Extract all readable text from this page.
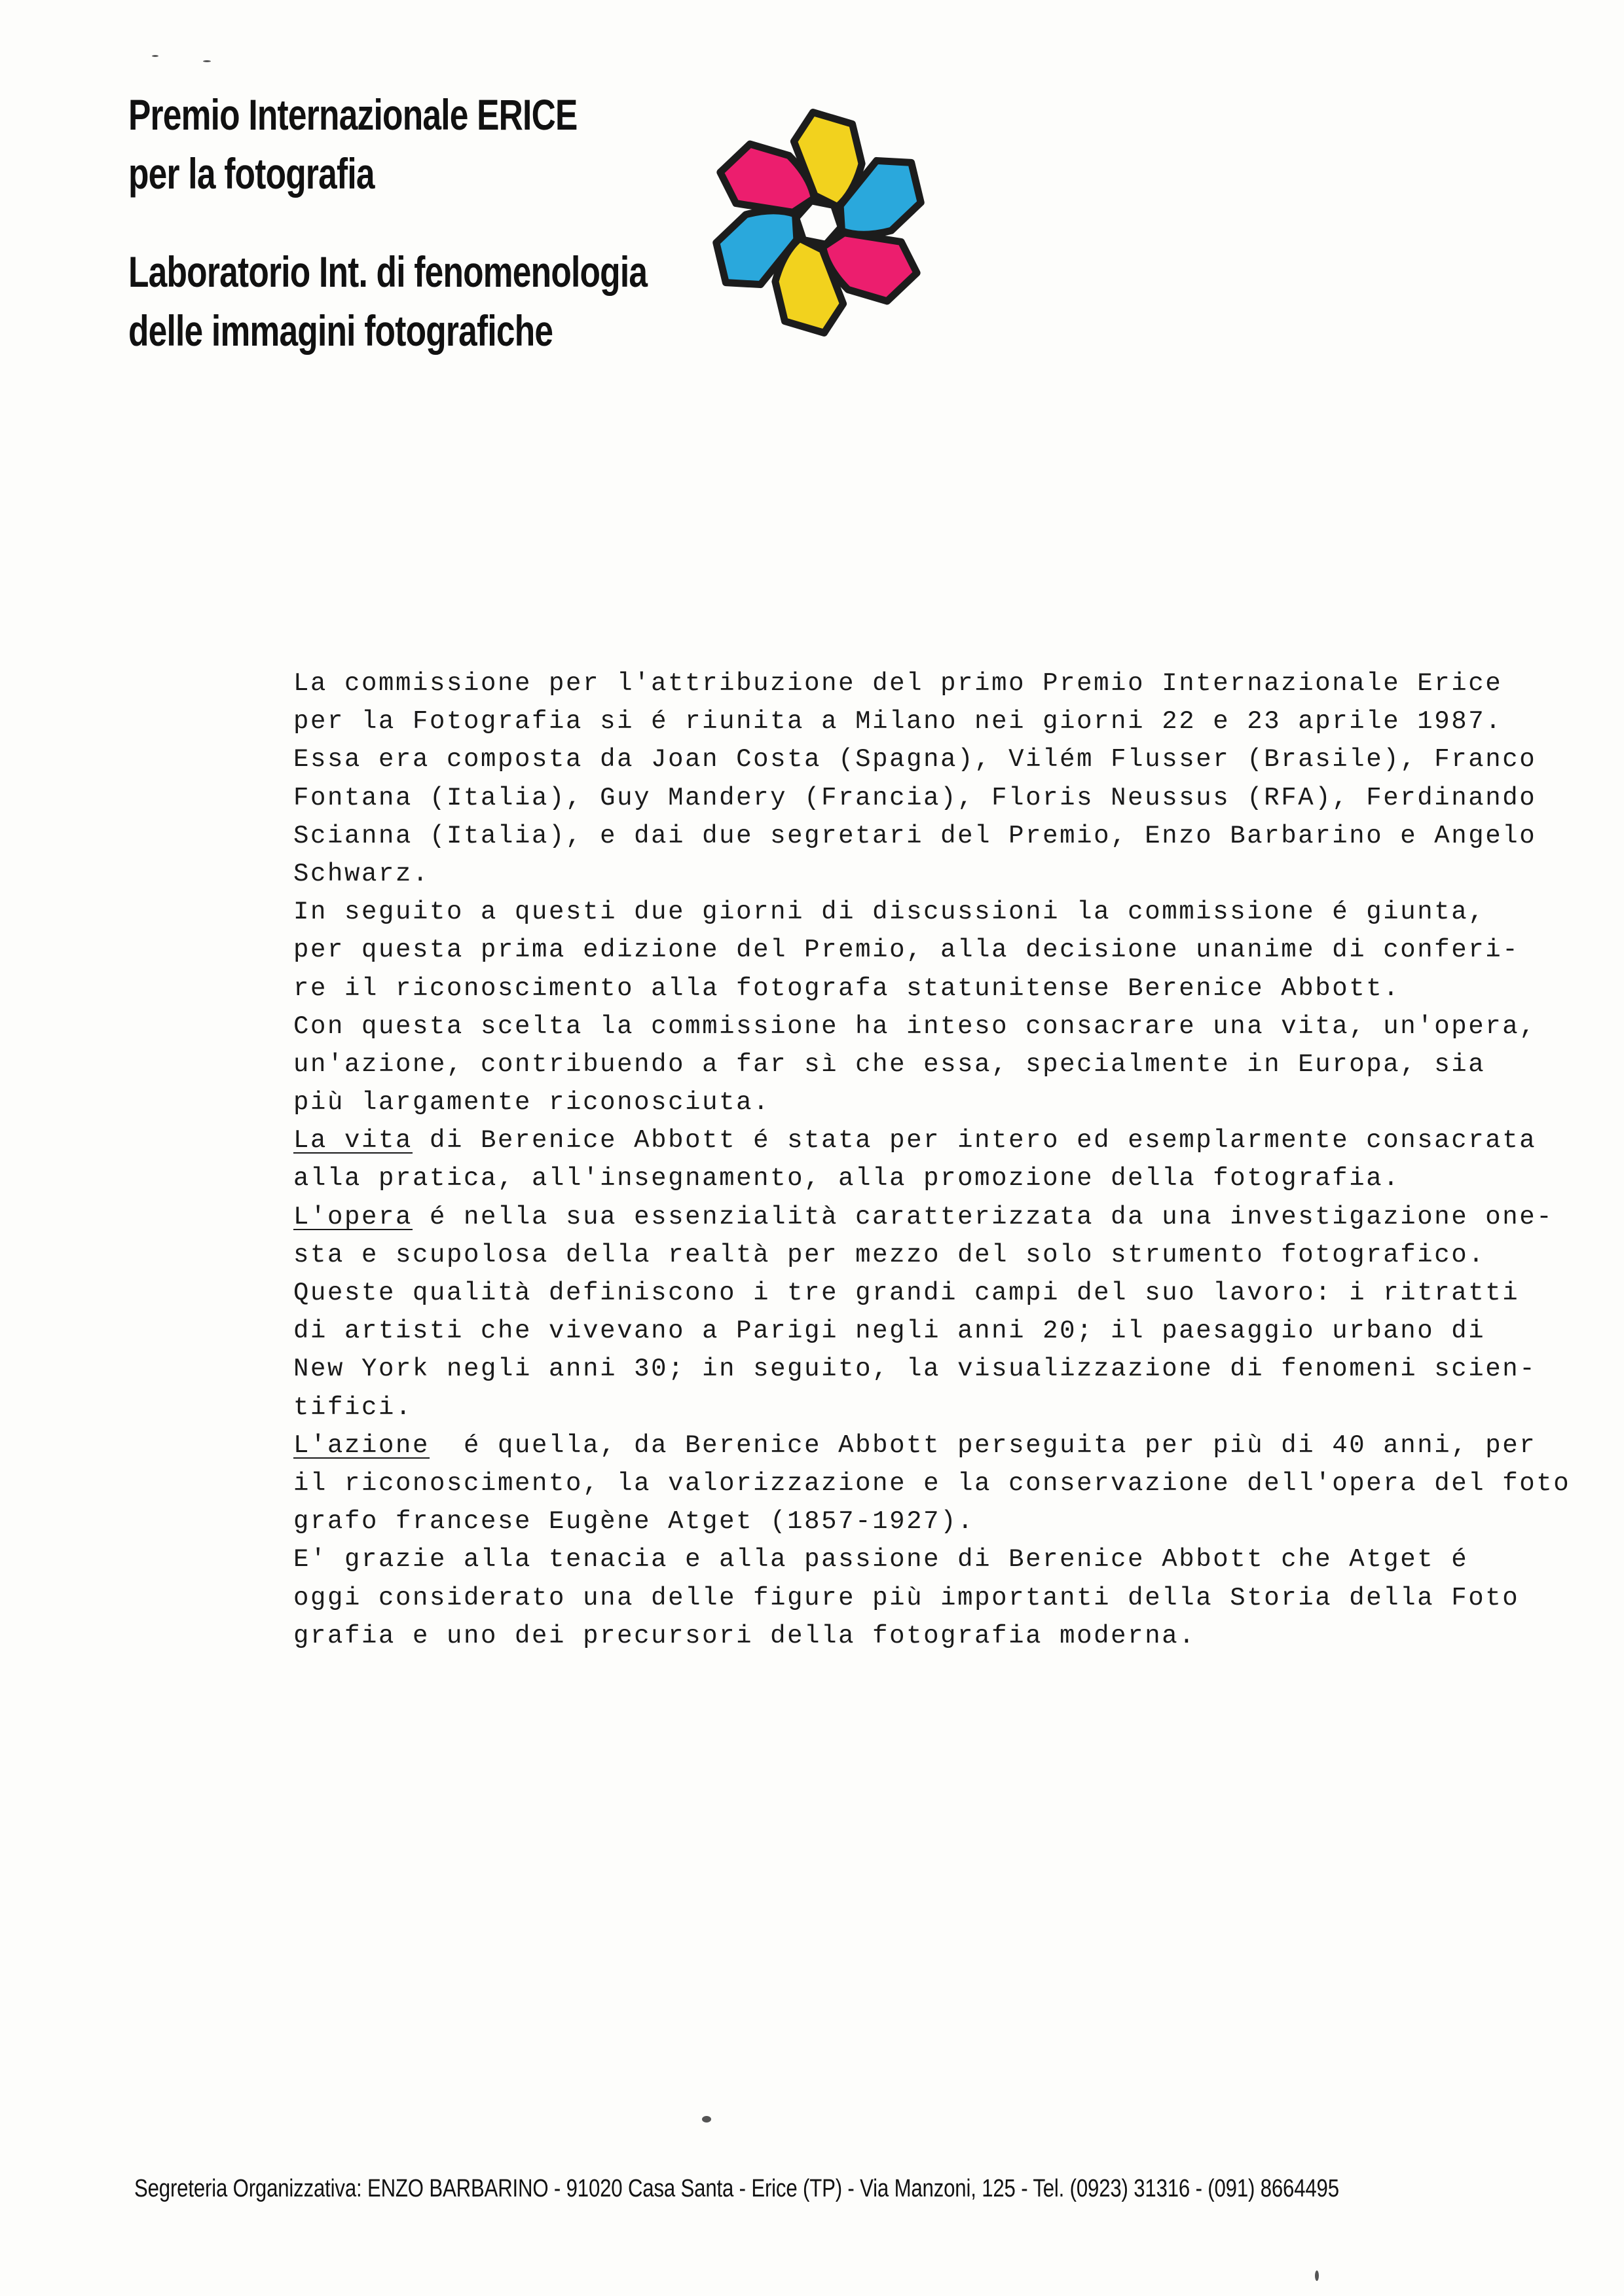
Premio Internazionale ERICE
per la fotografia
Laboratorio Int. di fenomenologia
delle immagini fotografiche
La commissione per l'attribuzione del primo Premio Internazionale Erice
per la Fotografia si é riunita a Milano nei giorni 22 e 23 aprile 1987.
Essa era composta da Joan Costa (Spagna), Vilém Flusser (Brasile), Franco
Fontana (Italia), Guy Mandery (Francia), Floris Neussus (RFA), Ferdinando
Scianna (Italia), e dai due segretari del Premio, Enzo Barbarino e Angelo
Schwarz.
In seguito a questi due giorni di discussioni la commissione é giunta,
per questa prima edizione del Premio, alla decisione unanime di conferi-
re il riconoscimento alla fotografa statunitense Berenice Abbott.
Con questa scelta la commissione ha inteso consacrare una vita, un'opera,
un'azione, contribuendo a far sì che essa, specialmente in Europa, sia
più largamente riconosciuta.
La vita di Berenice Abbott é stata per intero ed esemplarmente consacrata
alla pratica, all'insegnamento, alla promozione della fotografia.
L'opera é nella sua essenzialità caratterizzata da una investigazione one-
sta e scupolosa della realtà per mezzo del solo strumento fotografico.
Queste qualità definiscono i tre grandi campi del suo lavoro: i ritratti
di artisti che vivevano a Parigi negli anni 20; il paesaggio urbano di
New York negli anni 30; in seguito, la visualizzazione di fenomeni scien-
tifici.
L'azione  é quella, da Berenice Abbott perseguita per più di 40 anni, per
il riconoscimento, la valorizzazione e la conservazione dell'opera del foto
grafo francese Eugène Atget (1857-1927).
E' grazie alla tenacia e alla passione di Berenice Abbott che Atget é
oggi considerato una delle figure più importanti della Storia della Foto
grafia e uno dei precursori della fotografia moderna.
Segreteria Organizzativa: ENZO BARBARINO - 91020 Casa Santa - Erice (TP) - Via Manzoni, 125 - Tel. (0923) 31316 - (091) 8664495
